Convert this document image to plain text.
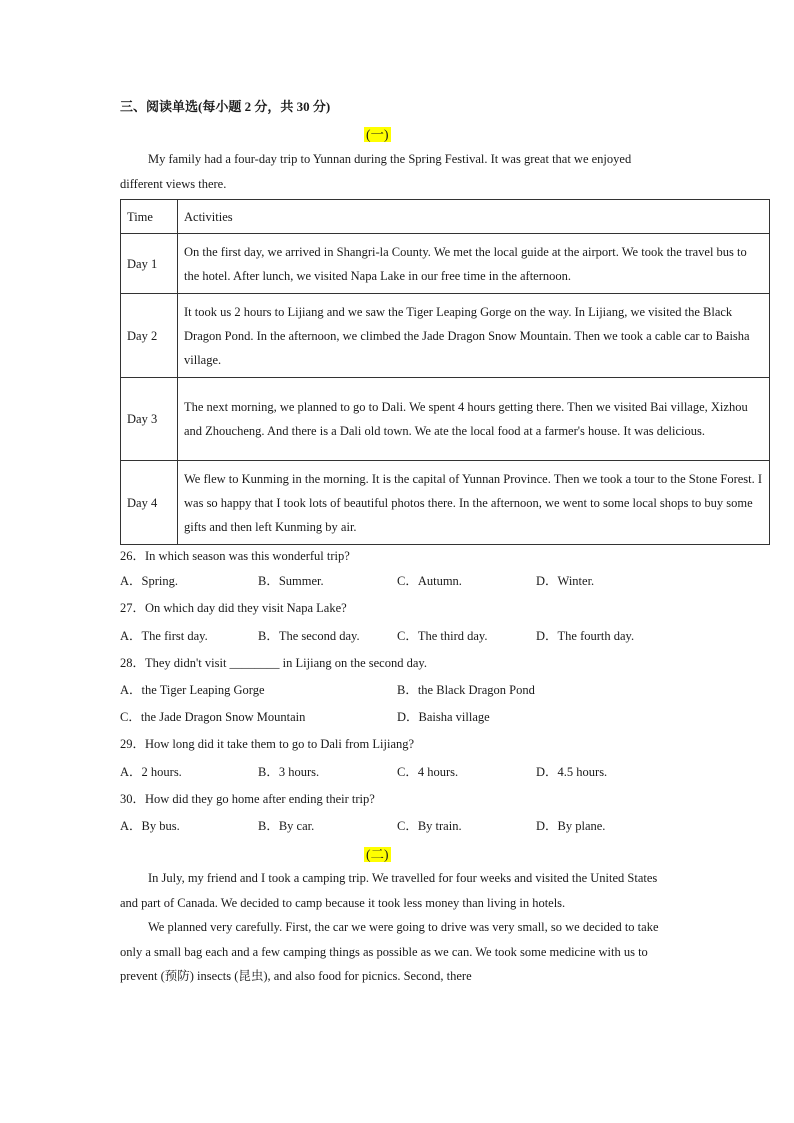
三、阅读单选(每小题 2 分，共 30 分)
(一)

My family had a four-day trip to Yunnan during the Spring Festival. It was great that we enjoyed different views there.

Time	Activities
Day 1	On the first day, we arrived in Shangri-la County. We met the local guide at the airport. We took the travel bus to the hotel. After lunch, we visited Napa Lake in our free time in the afternoon.
Day 2	It took us 2 hours to Lijiang and we saw the Tiger Leaping Gorge on the way. In Lijiang, we visited the Black Dragon Pond. In the afternoon, we climbed the Jade Dragon Snow Mountain. Then we took a cable car to Baisha village.
Day 3	The next morning, we planned to go to Dali. We spent 4 hours getting there. Then we visited Bai village, Xizhou and Zhoucheng. And there is a Dali old town. We ate the local food at a farmer's house. It was delicious.
Day 4	We flew to Kunming in the morning. It is the capital of Yunnan Province. Then we took a tour to the Stone Forest. I was so happy that I took lots of beautiful photos there. In the afternoon, we went to some local shops to buy some gifts and then left Kunming by air.
26．In which season was this wonderful trip?
A．Spring.	B．Summer.	C．Autumn.	D．Winter.
27．On which day did they visit Napa Lake?
A．The first day.	B．The second day.	C．The third day.	D．The fourth day.
28．They didn't visit ________ in Lijiang on the second day.
A．the Tiger Leaping Gorge	B．the Black Dragon Pond
C．the Jade Dragon Snow Mountain	D．Baisha village
29．How long did it take them to go to Dali from Lijiang?
A．2 hours.	B．3 hours.	C．4 hours.	D．4.5 hours.
30．How did they go home after ending their trip?
A．By bus.	B．By car.	C．By train.	D．By plane.
(二)

In July, my friend and I took a camping trip. We travelled for four weeks and visited the United States and part of Canada. We decided to camp because it took less money than living in hotels.

We planned very carefully. First, the car we were going to drive was very small, so we decided to take only a small bag each and a few camping things as possible as we can. We took some medicine with us to prevent (预防) insects (昆虫), and also food for picnics. Second, there
